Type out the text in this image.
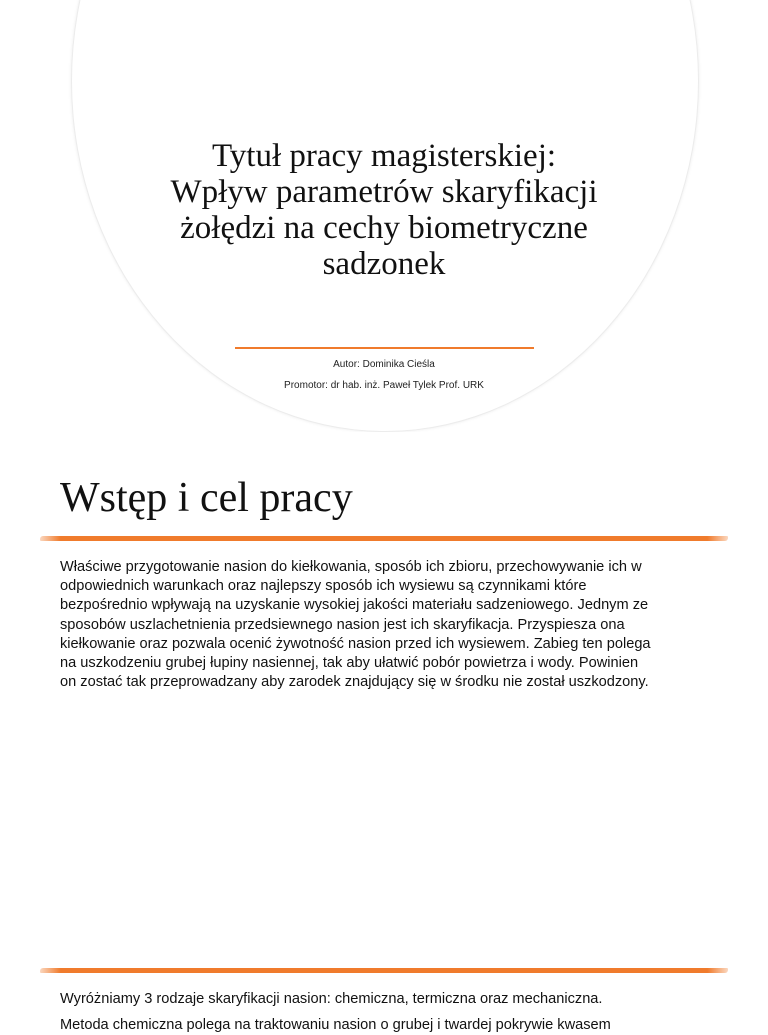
Tytuł pracy magisterskiej:
Wpływ parametrów skaryfikacji
żołędzi na cechy biometryczne
sadzonek

Autor: Dominika Cieśla

Promotor: dr hab. inż. Paweł Tylek Prof. URK

Wstęp i cel pracy

Właściwe przygotowanie nasion do kiełkowania, sposób ich zbioru, przechowywanie ich w
odpowiednich warunkach oraz najlepszy sposób ich wysiewu są czynnikami które
bezpośrednio wpływają na uzyskanie wysokiej jakości materiału sadzeniowego. Jednym ze
sposobów uszlachetnienia przedsiewnego nasion jest ich skaryfikacja. Przyspiesza ona
kiełkowanie oraz pozwala ocenić żywotność nasion przed ich wysiewem. Zabieg ten polega
na uszkodzeniu grubej łupiny nasiennej, tak aby ułatwić pobór powietrza i wody. Powinien
on zostać tak przeprowadzany aby zarodek znajdujący się w środku nie został uszkodzony.

Wyróżniamy 3 rodzaje skaryfikacji nasion: chemiczna, termiczna oraz mechaniczna.

Metoda chemiczna polega na traktowaniu nasion o grubej i twardej pokrywie kwasem
